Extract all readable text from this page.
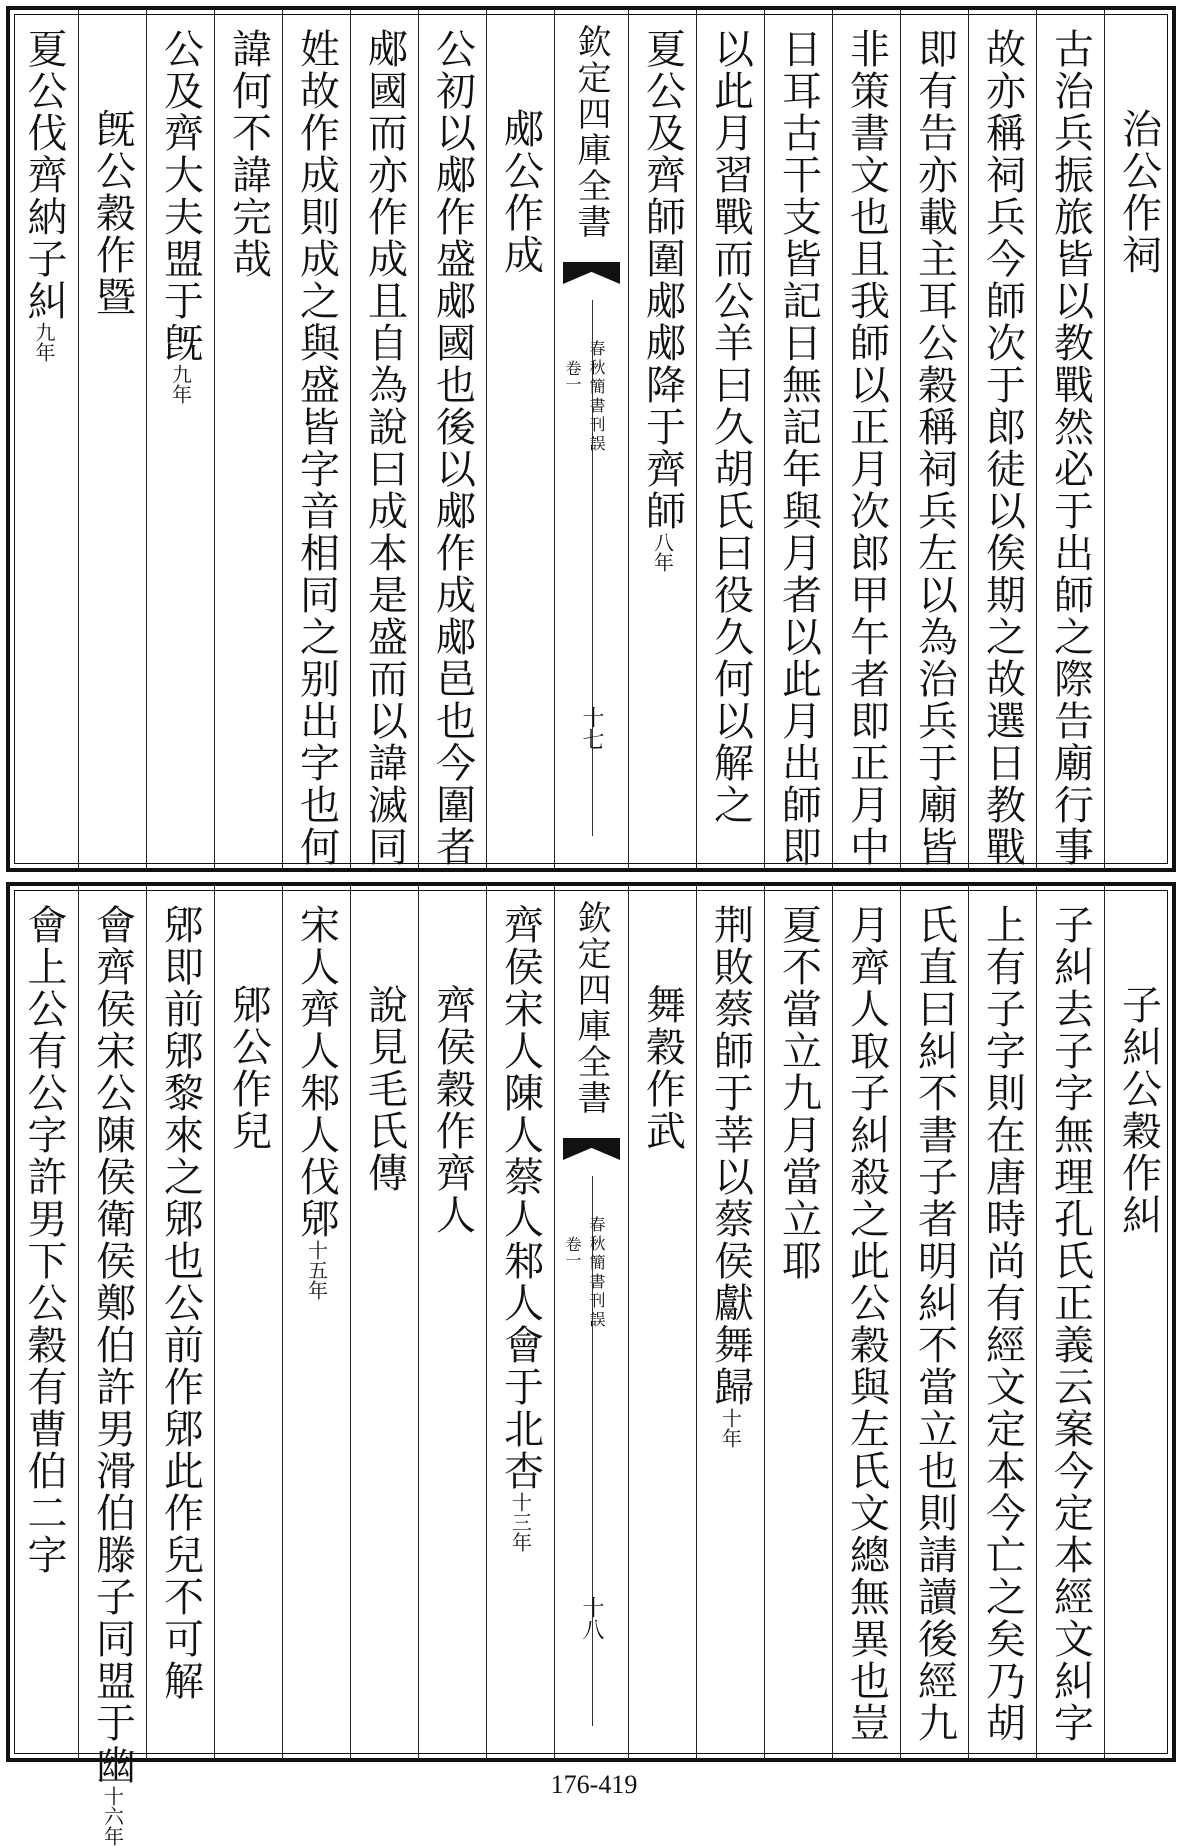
治公作祠
古治兵振旅皆以教戰然必于出師之際告廟行事
故亦稱祠兵今師次于郎徒以俟期之故選日教戰
即有告亦載主耳公穀稱祠兵左以為治兵于廟皆
非策書文也且我師以正月次郎甲午者即正月中
日耳古干支皆記日無記年與月者以此月出師即
以此月習戰而公羊曰久胡氏曰役久何以解之
夏公及齊師圍郕郕降于齊師八年
欽定四庫全書
春秋簡書刊誤
卷一
十七
郕公作成
公初以郕作盛郕國也後以郕作成郕邑也今圍者
郕國而亦作成且自為說曰成本是盛而以諱滅同
姓故作成則成之與盛皆字音相同之别出字也何
諱何不諱完哉
公及齊大夫盟于旣九年
旣公穀作暨
夏公伐齊納子糾九年
子糾公穀作糾
子糾去子字無理孔氏正義云案今定本經文糾字
上有子字則在唐時尚有經文定本今亡之矣乃胡
氏直曰糾不書子者明糾不當立也則請讀後經九
月齊人取子糾殺之此公穀與左氏文總無異也豈
夏不當立九月當立耶
荆敗蔡師于莘以蔡侯獻舞歸十年
舞穀作武
欽定四庫全書
春秋簡書刊誤
卷一
十八
齊侯宋人陳人蔡人邾人會于北杏十三年
齊侯穀作齊人
說見毛氏傳
宋人齊人邾人伐郳十五年
郳公作兒
郳即前郳黎來之郳也公前作郳此作兒不可解
會齊侯宋公陳侯衛侯鄭伯許男滑伯滕子同盟于幽十六年
會上公有公字許男下公穀有曹伯二字
176-419
